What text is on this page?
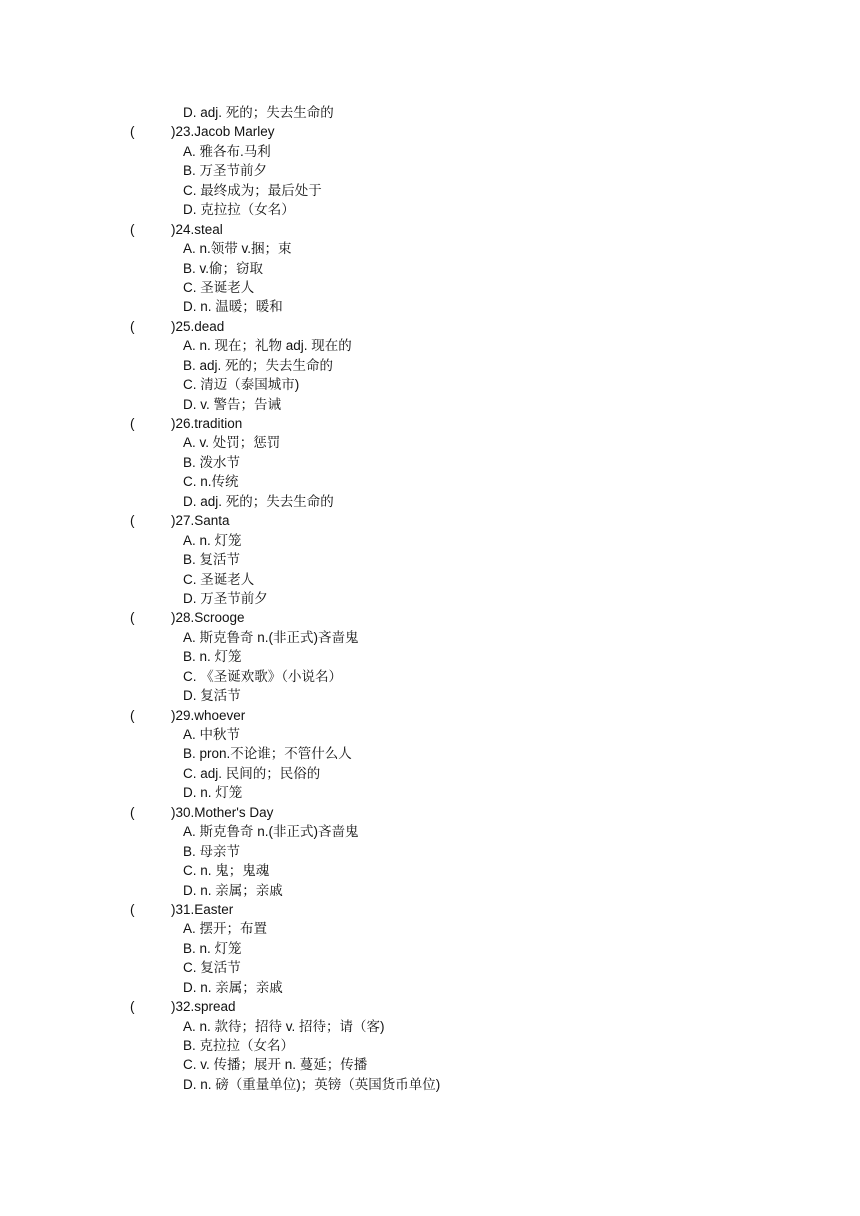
D. adj. 死的；失去生命的
(	)23.Jacob Marley
A. 雅各布.马利
B. 万圣节前夕
C. 最终成为；最后处于
D. 克拉拉（女名）
(	)24.steal
A. n.领带 v.捆；束
B. v.偷；窃取
C. 圣诞老人
D. n. 温暖；暖和
(	)25.dead
A. n. 现在；礼物 adj. 现在的
B. adj. 死的；失去生命的
C. 清迈（泰国城市)
D. v. 警告；告诫
(	)26.tradition
A. v. 处罚；惩罚
B. 泼水节
C. n.传统
D. adj. 死的；失去生命的
(	)27.Santa
A. n. 灯笼
B. 复活节
C. 圣诞老人
D. 万圣节前夕
(	)28.Scrooge
A. 斯克鲁奇 n.(非正式)吝啬鬼
B. n. 灯笼
C. 《圣诞欢歌》（小说名）
D. 复活节
(	)29.whoever
A. 中秋节
B. pron.不论谁；不管什么人
C. adj. 民间的；民俗的
D. n. 灯笼
(	)30.Mother's Day
A. 斯克鲁奇 n.(非正式)吝啬鬼
B. 母亲节
C. n. 鬼；鬼魂
D. n. 亲属；亲戚
(	)31.Easter
A. 摆开；布置
B. n. 灯笼
C. 复活节
D. n. 亲属；亲戚
(	)32.spread
A. n. 款待；招待 v. 招待；请（客)
B. 克拉拉（女名）
C. v. 传播；展开 n. 蔓延；传播
D. n. 磅（重量单位)；英镑（英国货币单位)
